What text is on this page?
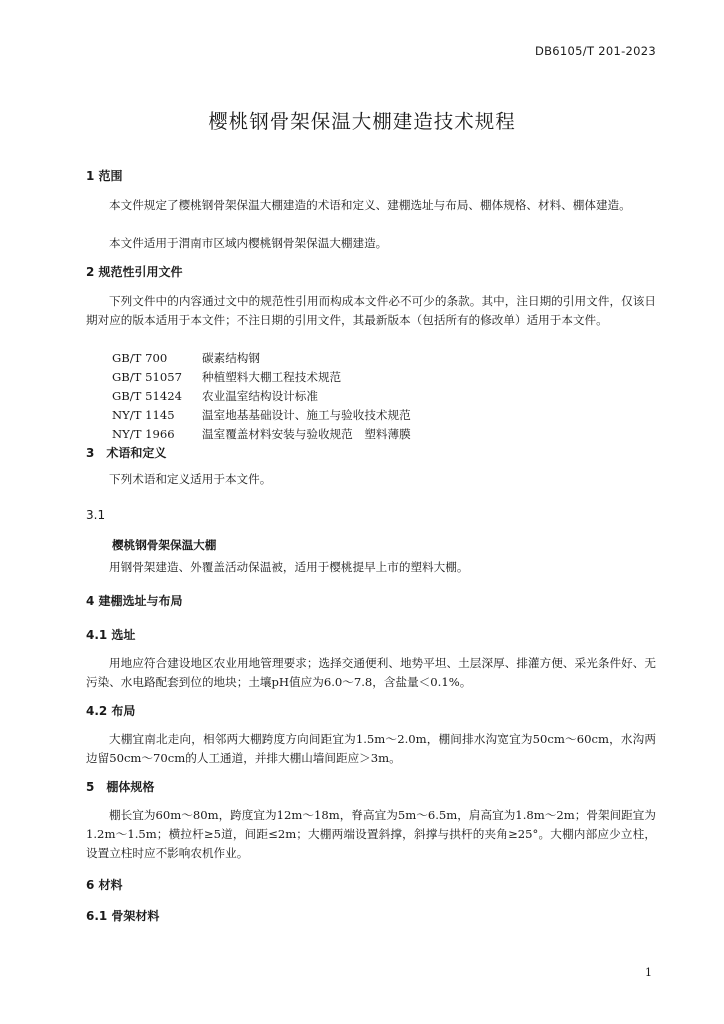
DB6105/T 201-2023
樱桃钢骨架保温大棚建造技术规程
1 范围
本文件规定了樱桃钢骨架保温大棚建造的术语和定义、建棚选址与布局、棚体规格、材料、棚体建造。
本文件适用于渭南市区域内樱桃钢骨架保温大棚建造。
2 规范性引用文件
下列文件中的内容通过文中的规范性引用而构成本文件必不可少的条款。其中，注日期的引用文件，仅该日期对应的版本适用于本文件；不注日期的引用文件，其最新版本（包括所有的修改单）适用于本文件。
GB/T 700	碳素结构钢
GB/T 51057 种植塑料大棚工程技术规范
GB/T 51424 农业温室结构设计标准
NY/T 1145 温室地基基础设计、施工与验收技术规范
NY/T 1966 温室覆盖材料安装与验收规范　塑料薄膜
3　术语和定义
下列术语和定义适用于本文件。
3.1
樱桃钢骨架保温大棚
用钢骨架建造、外覆盖活动保温被，适用于樱桃提早上市的塑料大棚。
4 建棚选址与布局
4.1 选址
用地应符合建设地区农业用地管理要求；选择交通便利、地势平坦、土层深厚、排灌方便、采光条件好、无污染、水电路配套到位的地块；土壤pH值应为6.0～7.8，含盐量＜0.1%。
4.2 布局
大棚宜南北走向，相邻两大棚跨度方向间距宜为1.5m～2.0m，棚间排水沟宽宜为50cm～60cm，水沟两边留50cm～70cm的人工通道，并排大棚山墙间距应＞3m。
5　棚体规格
棚长宜为60m～80m，跨度宜为12m～18m，脊高宜为5m～6.5m，肩高宜为1.8m～2m；骨架间距宜为1.2m～1.5m；横拉杆≥5道，间距≤2m；大棚两端设置斜撑，斜撑与拱杆的夹角≥25°。大棚内部应少立柱，设置立柱时应不影响农机作业。
6 材料
6.1 骨架材料
1
